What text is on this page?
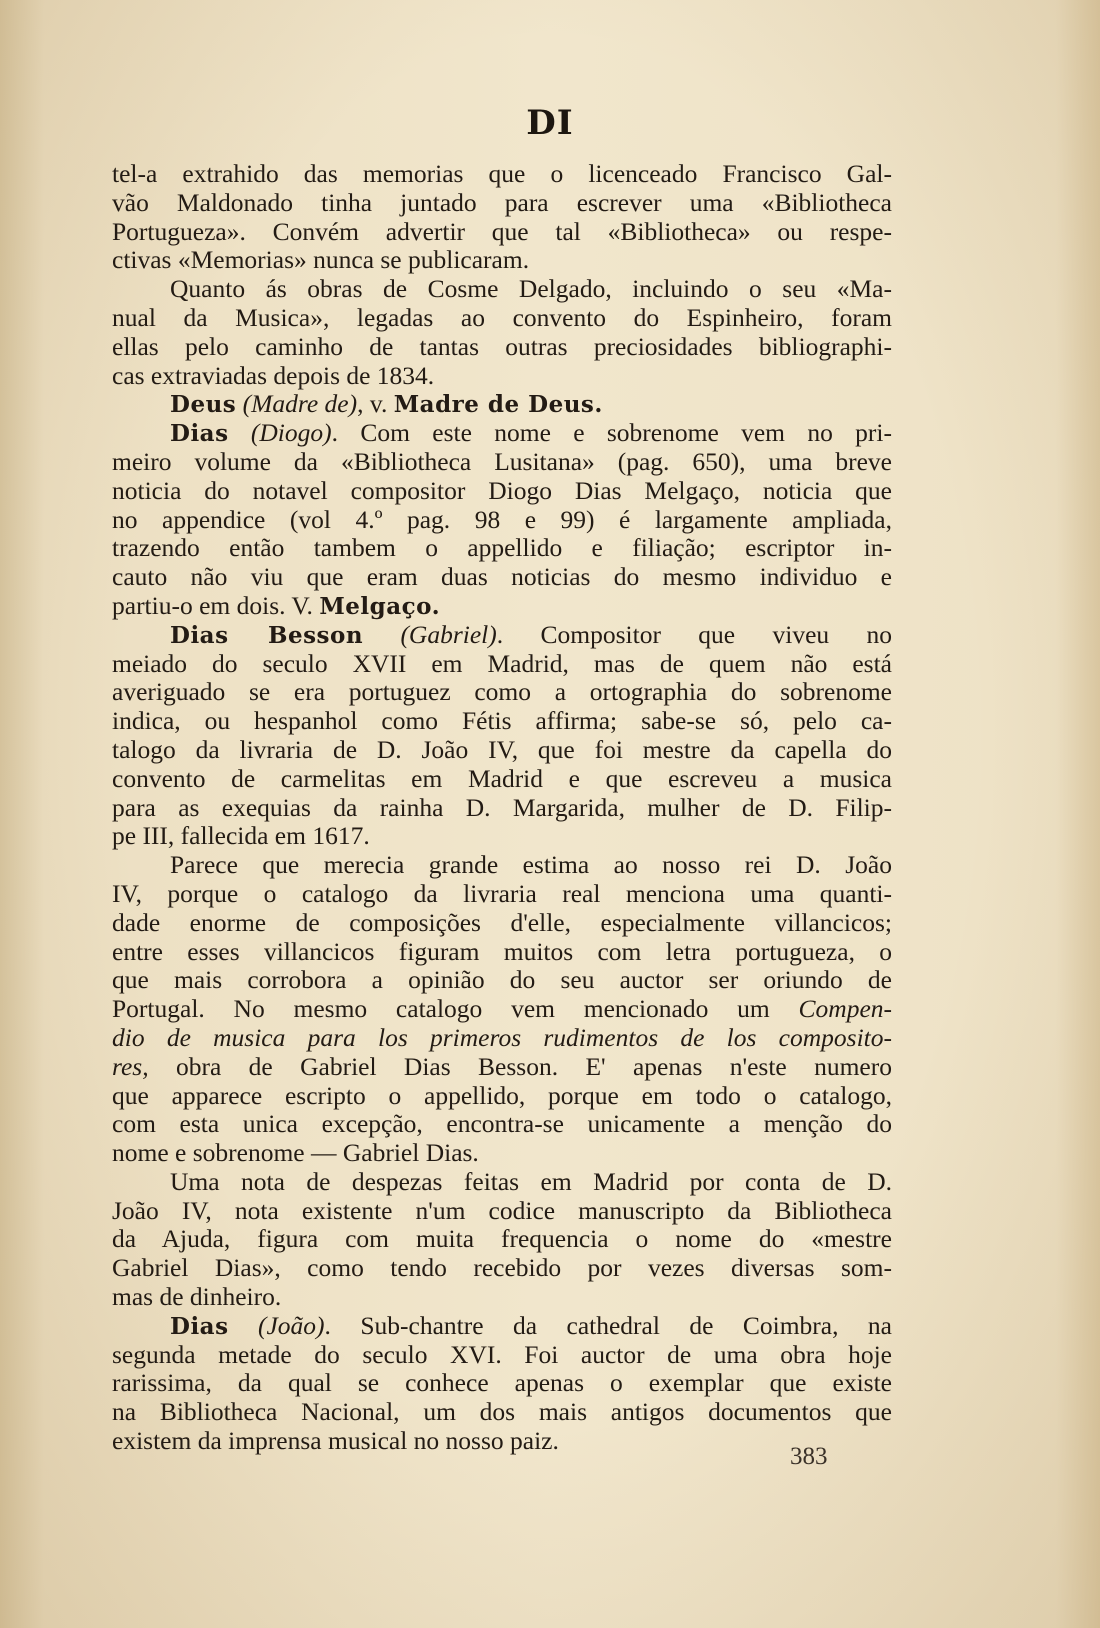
DI
tel-a extrahido das memorias que o licenceado Francisco Gal-
vão Maldonado tinha juntado para escrever uma «Bibliotheca
Portugueza». Convém advertir que tal «Bibliotheca» ou respe-
ctivas «Memorias» nunca se publicaram.
Quanto ás obras de Cosme Delgado, incluindo o seu «Ma-
nual da Musica», legadas ao convento do Espinheiro, foram
ellas pelo caminho de tantas outras preciosidades bibliographi-
cas extraviadas depois de 1834.
Deus (Madre de), v. Madre de Deus.
Dias (Diogo). Com este nome e sobrenome vem no pri-
meiro volume da «Bibliotheca Lusitana» (pag. 650), uma breve
noticia do notavel compositor Diogo Dias Melgaço, noticia que
no appendice (vol 4.º pag. 98 e 99) é largamente ampliada,
trazendo então tambem o appellido e filiação; escriptor in-
cauto não viu que eram duas noticias do mesmo individuo e
partiu-o em dois. V. Melgaço.
Dias Besson (Gabriel). Compositor que viveu no
meiado do seculo XVII em Madrid, mas de quem não está
averiguado se era portuguez como a ortographia do sobrenome
indica, ou hespanhol como Fétis affirma; sabe-se só, pelo ca-
talogo da livraria de D. João IV, que foi mestre da capella do
convento de carmelitas em Madrid e que escreveu a musica
para as exequias da rainha D. Margarida, mulher de D. Filip-
pe III, fallecida em 1617.
Parece que merecia grande estima ao nosso rei D. João
IV, porque o catalogo da livraria real menciona uma quanti-
dade enorme de composições d'elle, especialmente villancicos;
entre esses villancicos figuram muitos com letra portugueza, o
que mais corrobora a opinião do seu auctor ser oriundo de
Portugal. No mesmo catalogo vem mencionado um Compen-
dio de musica para los primeros rudimentos de los composito-
res, obra de Gabriel Dias Besson. E' apenas n'este numero
que apparece escripto o appellido, porque em todo o catalogo,
com esta unica excepção, encontra-se unicamente a menção do
nome e sobrenome — Gabriel Dias.
Uma nota de despezas feitas em Madrid por conta de D.
João IV, nota existente n'um codice manuscripto da Bibliotheca
da Ajuda, figura com muita frequencia o nome do «mestre
Gabriel Dias», como tendo recebido por vezes diversas som-
mas de dinheiro.
Dias (João). Sub-chantre da cathedral de Coimbra, na
segunda metade do seculo XVI. Foi auctor de uma obra hoje
rarissima, da qual se conhece apenas o exemplar que existe
na Bibliotheca Nacional, um dos mais antigos documentos que
existem da imprensa musical no nosso paiz.
383
